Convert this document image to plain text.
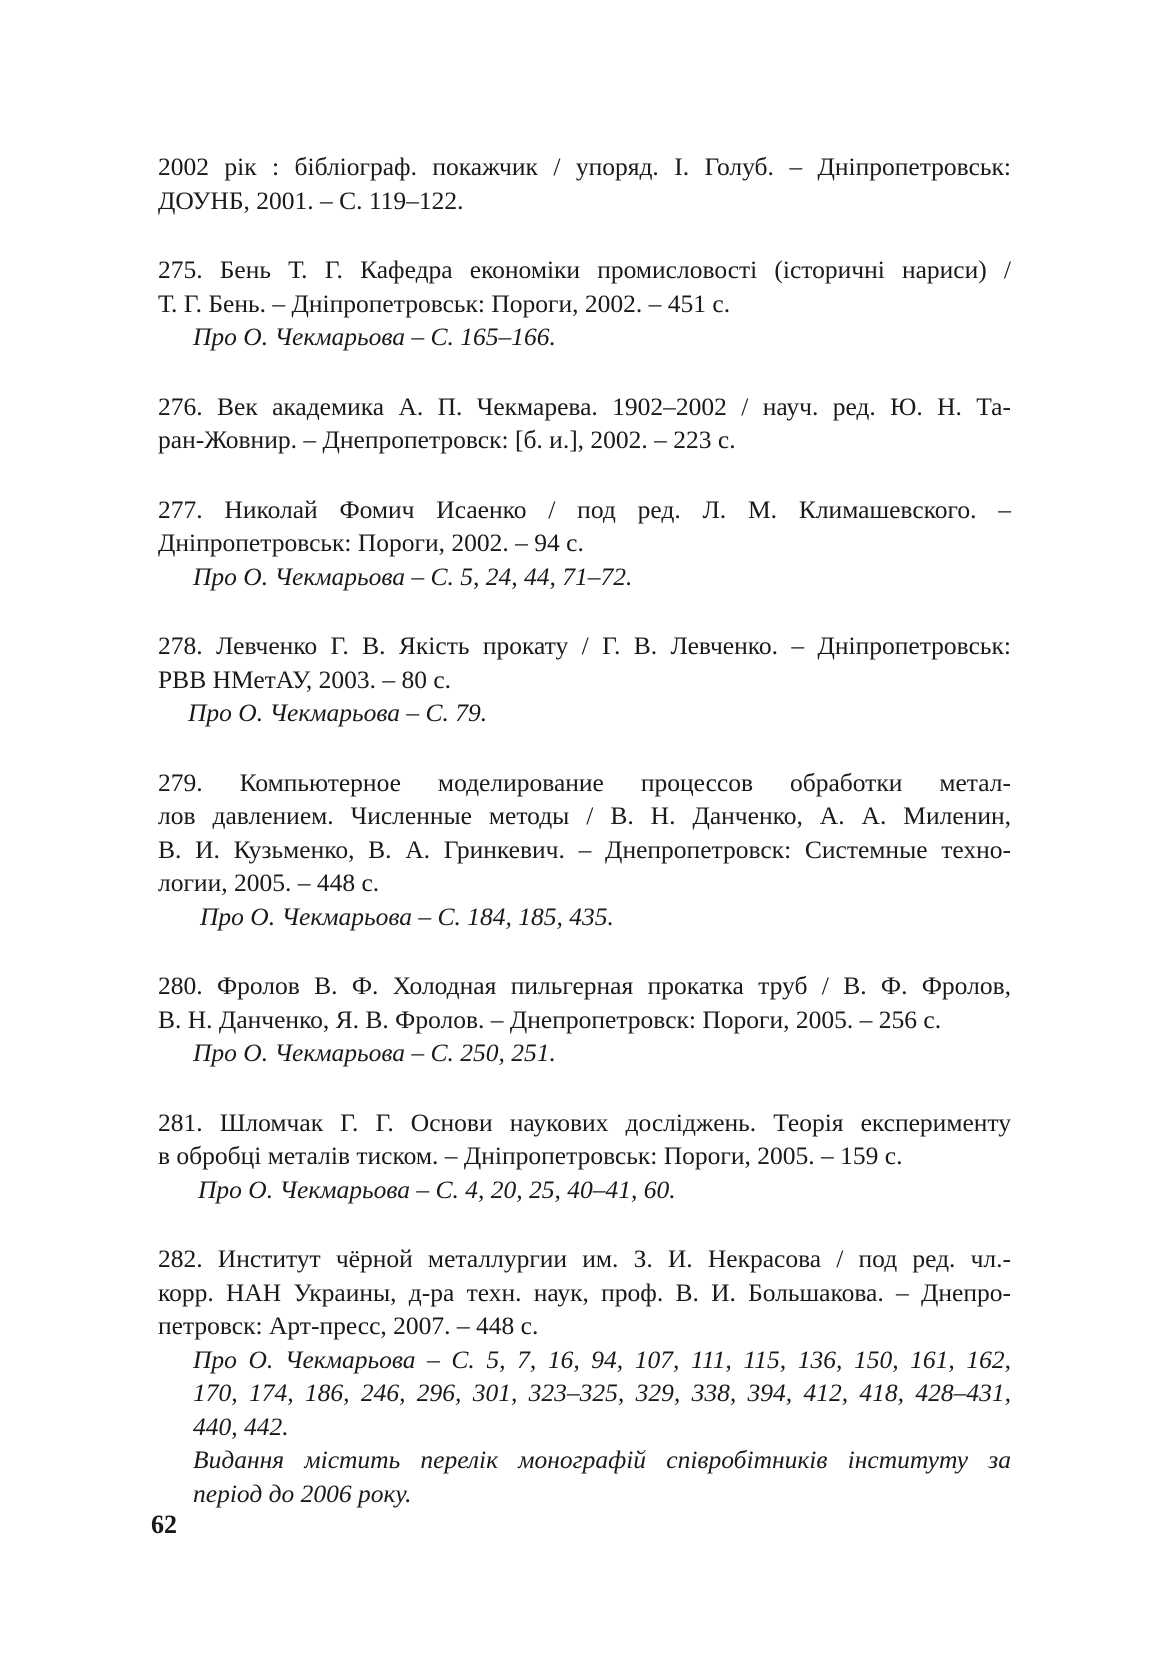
2002 рік : бібліограф. покажчик / упоряд. І. Голуб. – Дніпропетровськ:

ДОУНБ, 2001. – С. 119–122.

275. Бень Т. Г. Кафедра економіки промисловості (історичні нариси) /

Т. Г. Бень. – Дніпропетровськ: Пороги, 2002. – 451 с.

Про О. Чекмарьова – С. 165–166.

276. Век академика А. П. Чекмарева. 1902–2002 / науч. ред. Ю. Н. Та-

ран-Жовнир. – Днепропетровск: [б. и.], 2002. – 223 с.

277. Николай Фомич Исаенко / под ред. Л. М. Климашевского. –

Дніпропетровськ: Пороги, 2002. – 94 с.

Про О. Чекмарьова – С. 5, 24, 44, 71–72.

278. Левченко Г. В. Якість прокату / Г. В. Левченко. – Дніпропетровськ:

РВВ НМетАУ, 2003. – 80 с.

Про О. Чекмарьова – С. 79.

279. Компьютерное моделирование процессов обработки метал-

лов давлением. Численные методы / В. Н. Данченко, А. А. Миленин,

В. И. Кузьменко, В. А. Гринкевич. – Днепропетровск: Системные техно-

логии, 2005. – 448 с.

Про О. Чекмарьова – С. 184, 185, 435.

280. Фролов В. Ф. Холодная пильгерная прокатка труб / В. Ф. Фролов,

В. Н. Данченко, Я. В. Фролов. – Днепропетровск: Пороги, 2005. – 256 с.

Про О. Чекмарьова – С. 250, 251.

281. Шломчак Г. Г. Основи наукових досліджень. Теорія експерименту

в обробці металів тиском. – Дніпропетровськ: Пороги, 2005. – 159 с.

Про О. Чекмарьова – С. 4, 20, 25, 40–41, 60.

282. Институт чёрной металлургии им. З. И. Некрасова / под ред. чл.-

корр. НАН Украины, д-ра техн. наук, проф. В. И. Большакова. – Днепро-

петровск: Арт-пресс, 2007. – 448 с.

Про О. Чекмарьова – С. 5, 7, 16, 94, 107, 111, 115, 136, 150, 161, 162,

170, 174, 186, 246, 296, 301, 323–325, 329, 338, 394, 412, 418, 428–431,

440, 442.

Видання містить перелік монографій співробітників інституту за

період до 2006 року.

62
